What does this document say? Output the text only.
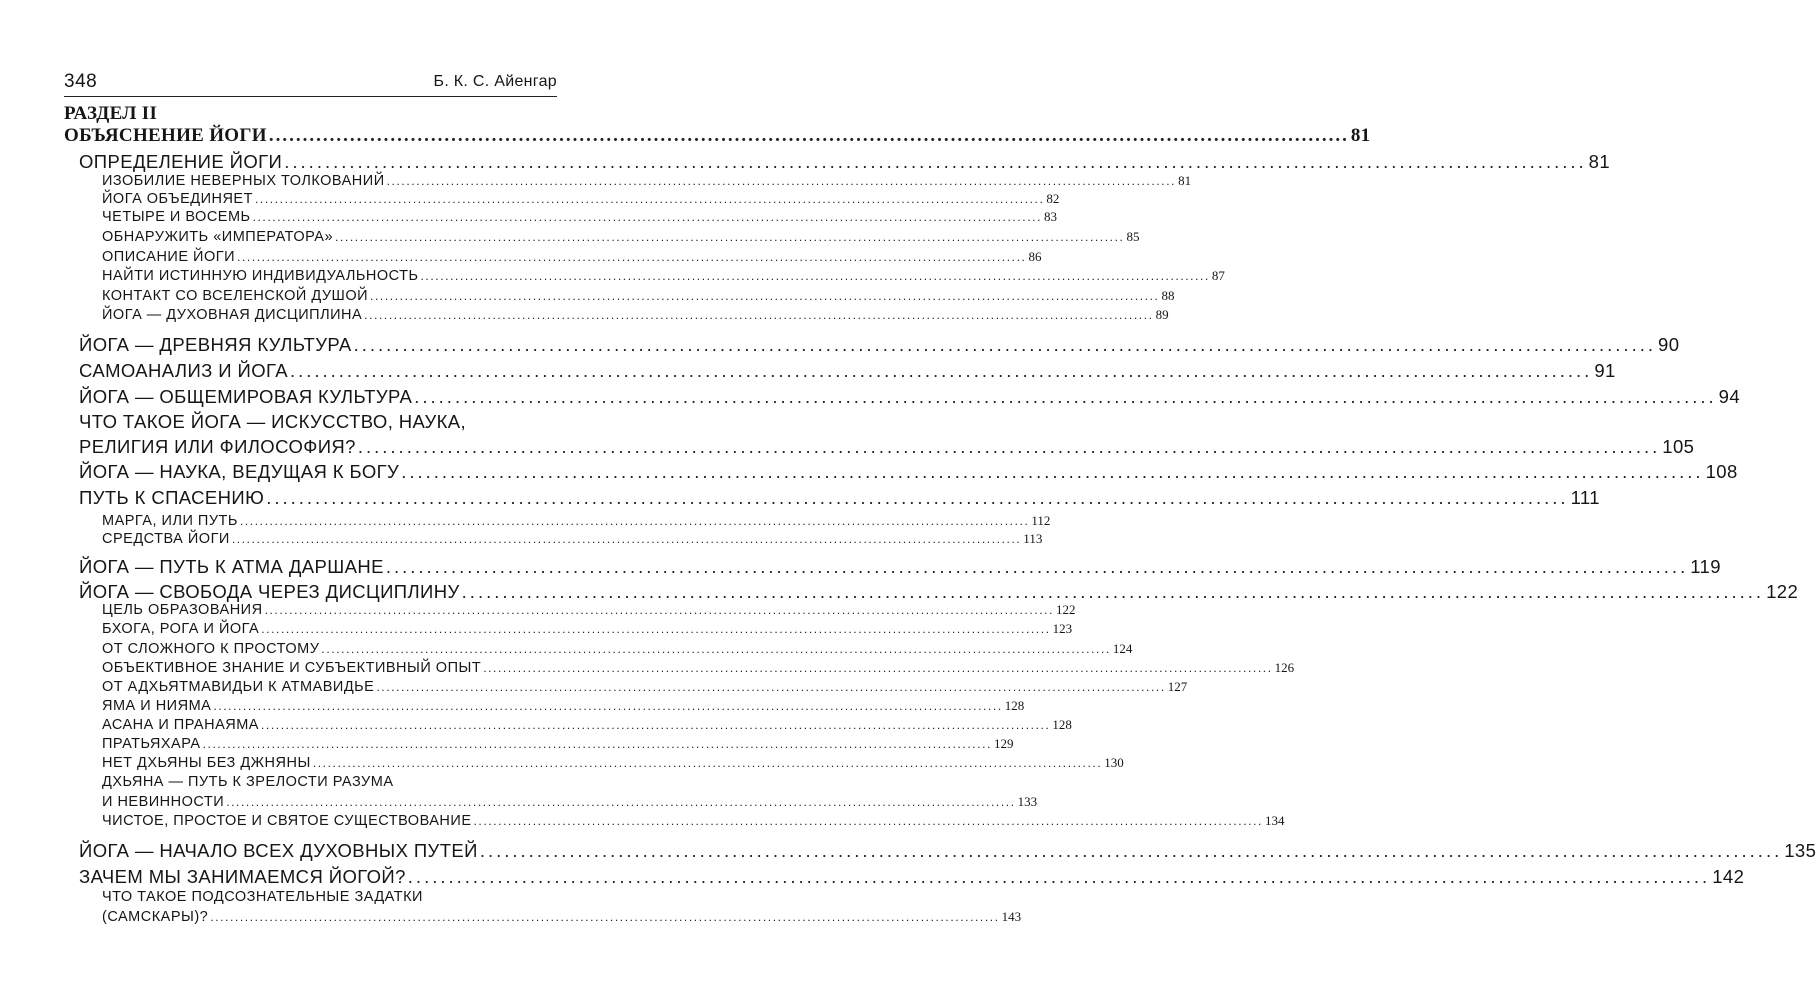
348	Б. К. С. Айенгар
РАЗДЕЛ II
ОБЪЯСНЕНИЕ ЙОГИ ................................................................................................................................................................ 81
ОПРЕДЕЛЕНИЕ ЙОГИ ................................................................................................................................................................ 81
ИЗОБИЛИЕ НЕВЕРНЫХ ТОЛКОВАНИЙ ................................................................................................................................................................ 81
ЙОГА ОБЪЕДИНЯЕТ ................................................................................................................................................................ 82
ЧЕТЫРЕ И ВОСЕМЬ ................................................................................................................................................................ 83
ОБНАРУЖИТЬ «ИМПЕРАТОРА» ................................................................................................................................................................ 85
ОПИСАНИЕ ЙОГИ ................................................................................................................................................................ 86
НАЙТИ ИСТИННУЮ ИНДИВИДУАЛЬНОСТЬ ................................................................................................................................................................ 87
КОНТАКТ СО ВСЕЛЕНСКОЙ ДУШОЙ ................................................................................................................................................................ 88
ЙОГА — ДУХОВНАЯ ДИСЦИПЛИНА ................................................................................................................................................................ 89
ЙОГА — ДРЕВНЯЯ КУЛЬТУРА ................................................................................................................................................................ 90
САМОАНАЛИЗ И ЙОГА ................................................................................................................................................................ 91
ЙОГА — ОБЩЕМИРОВАЯ КУЛЬТУРА ................................................................................................................................................................ 94
ЧТО ТАКОЕ ЙОГА — ИСКУССТВО, НАУКА,
РЕЛИГИЯ ИЛИ ФИЛОСОФИЯ? ................................................................................................................................................................ 105
ЙОГА — НАУКА, ВЕДУЩАЯ К БОГУ ................................................................................................................................................................ 108
ПУТЬ К СПАСЕНИЮ ................................................................................................................................................................ 111
МАРГА, ИЛИ ПУТЬ ................................................................................................................................................................ 112
СРЕДСТВА ЙОГИ ................................................................................................................................................................ 113
ЙОГА — ПУТЬ К АТМА ДАРШАНЕ ................................................................................................................................................................ 119
ЙОГА — СВОБОДА ЧЕРЕЗ ДИСЦИПЛИНУ ................................................................................................................................................................ 122
ЦЕЛЬ ОБРАЗОВАНИЯ ................................................................................................................................................................ 122
БХОГА, РОГА И ЙОГА ................................................................................................................................................................ 123
ОТ СЛОЖНОГО К ПРОСТОМУ ................................................................................................................................................................ 124
ОБЪЕКТИВНОЕ ЗНАНИЕ И СУБЪЕКТИВНЫЙ ОПЫТ ................................................................................................................................................................ 126
ОТ АДХЬЯТМАВИДЬИ К АТМАВИДЬЕ ................................................................................................................................................................ 127
ЯМА И НИЯМА ................................................................................................................................................................ 128
АСАНА И ПРАНАЯМА ................................................................................................................................................................ 128
ПРАТЬЯХАРА ................................................................................................................................................................ 129
НЕТ ДХЬЯНЫ БЕЗ ДЖНЯНЫ ................................................................................................................................................................ 130
ДХЬЯНА — ПУТЬ К ЗРЕЛОСТИ РАЗУМА
И НЕВИННОСТИ ................................................................................................................................................................ 133
ЧИСТОЕ, ПРОСТОЕ И СВЯТОЕ СУЩЕСТВОВАНИЕ ................................................................................................................................................................ 134
ЙОГА — НАЧАЛО ВСЕХ ДУХОВНЫХ ПУТЕЙ ................................................................................................................................................................ 135
ЗАЧЕМ МЫ ЗАНИМАЕМСЯ ЙОГОЙ? ................................................................................................................................................................ 142
ЧТО ТАКОЕ ПОДСОЗНАТЕЛЬНЫЕ ЗАДАТКИ
(САМСКАРЫ)? ................................................................................................................................................................ 143
